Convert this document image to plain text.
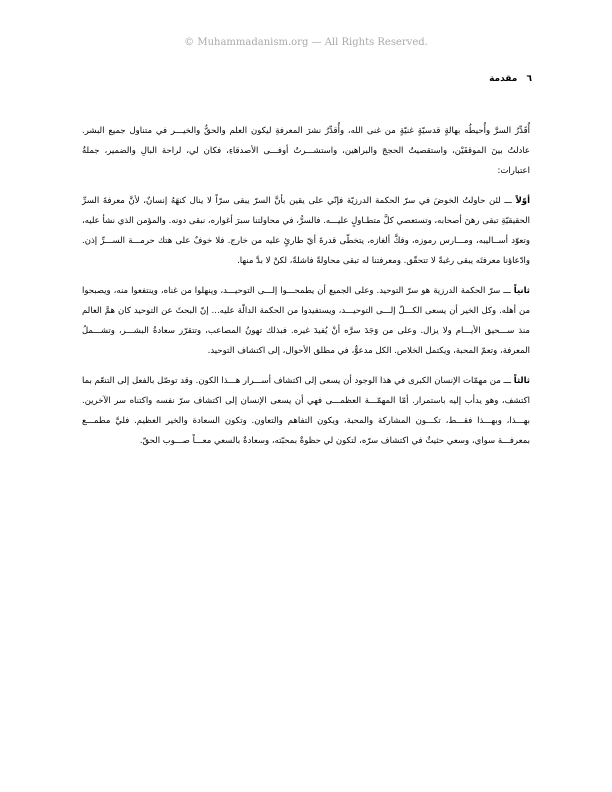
© Muhammadanism.org — All Rights Reserved.
٦ مقدمة

أُقَدِّرُ السرَّ وأُحيطُه بهالةٍ قدسيّةٍ غنيّةٍ من غنى الله، وأُقدِّرُ نشرَ المعرفةِ ليكون العلم والحقُّ والخيـــر في متناول جميع البشر. عادلتُ بينَ الموقفَيْن، واستقصيتُ الحججَ والبراهين، واستشـــرتُ أوفـــى الأصدقاءِ، فكان لي، لراحة البالِ والضمير، جملةُ اعتبارات:

أوّلاً ـــ لئن حاولتُ الخوضَ في سرّ الحكمة الدرزيّة فإنّي على يقين بأنَّ السرّ يبقى سرّاً لا ينال كنهَهُ إنسانٌ، لأنَّ معرفةَ السرِّ الحقيقيّةِ تبقى رهنَ أصحابه، وتستعصي كلَّ متطـاولٍ عليـــه. فالسرُّ، في محاولتنا سبرَ أغواره، نبقى دونه. والمؤمن الذي نشأ عليه، وتعوّد أســاليبه، ومـــارس رموزه، وفكَّ ألغازه، يتخطّى قدرةَ أيّ طارئٍ عليه من خارج. فلا خوفٌ على هتك حرمـــة الســـرِّ إذن. وادّعاؤنا معرفتَه يبقى رغبةً لا تتحقّق. ومعرفتنا له تبقى محاولةً فاشلةً، لكنْ لا بدَّ منها.

ثانياً ـــ سرّ الحكمة الدرزية هو سرّ التوحيد. وعلى الجميع أن يطمحـــوا إلـــى التوحيـــد، وينهلوا من غناه، وينتفعوا منه، ويصبحوا من أهله. وكل الخير أن يسعى الكـــلّ إلـــى التوحيـــد، ويستفيدوا من الحكمة الدالّة عليه... إنّ البحثَ عن التوحيد كان همَّ العالم منذ ســـحيق الأيـــام ولا يزال. وعلى من وَجَدَ سرَّه أنْ يُفيدَ غيره. فبذلك تهونُ المصاعب، وتتقرّر سعادةُ البشـــر، وتشـــملُ المعرفة، وتعمّ المحبة، ويكتمل الخلاص. الكل مدعوٌّ، في مطلق الأحوال، إلى اكتشاف التوحيد.

ثالثاً ـــ من مهمّات الإنسان الكبرى في هذا الوجود أن يسعى إلى اكتشاف أســـرار هـــذا الكون. وقد توصّل بالفعل إلى التنعّم بما اكتشف، وهو يدأب إليه باستمرار. أمّا المهمّـــة العظمـــى فهي أن يسعى الإنسان إلى اكتشاف سرّ نفسه واكتناه سر الآخرين. بهـــذا، وبهـــذا فقـــط، تكـــون المشاركة والمحبة، ويكون التفاهم والتعاون. وتكون السعادة والخير العظيم. فليَّ مطمـــع بمعرفـــة سواي، وسعي حثيثٌ في اكتشاف سرّه، لتكون لي حظوةٌ بمحبّته، وسعادةٌ بالسعي معـــاً صـــوب الحقّ.
